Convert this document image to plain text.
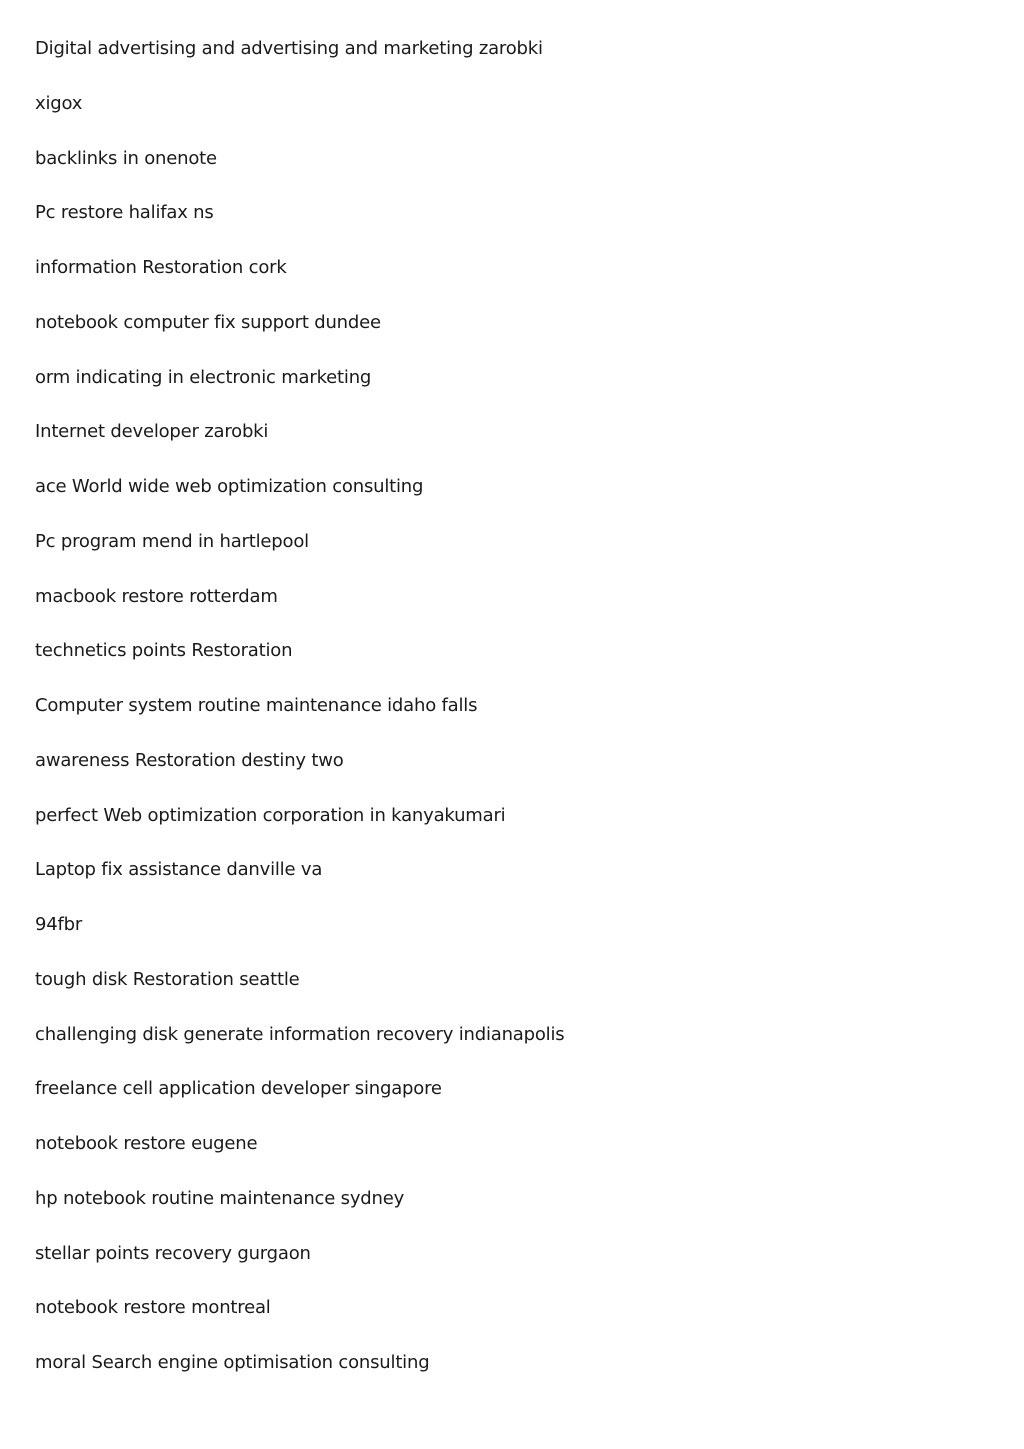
Digital advertising and advertising and marketing zarobki
xigox
backlinks in onenote
Pc restore halifax ns
information Restoration cork
notebook computer fix support dundee
orm indicating in electronic marketing
Internet developer zarobki
ace World wide web optimization consulting
Pc program mend in hartlepool
macbook restore rotterdam
technetics points Restoration
Computer system routine maintenance idaho falls
awareness Restoration destiny two
perfect Web optimization corporation in kanyakumari
Laptop fix assistance danville va
94fbr
tough disk Restoration seattle
challenging disk generate information recovery indianapolis
freelance cell application developer singapore
notebook restore eugene
hp notebook routine maintenance sydney
stellar points recovery gurgaon
notebook restore montreal
moral Search engine optimisation consulting
